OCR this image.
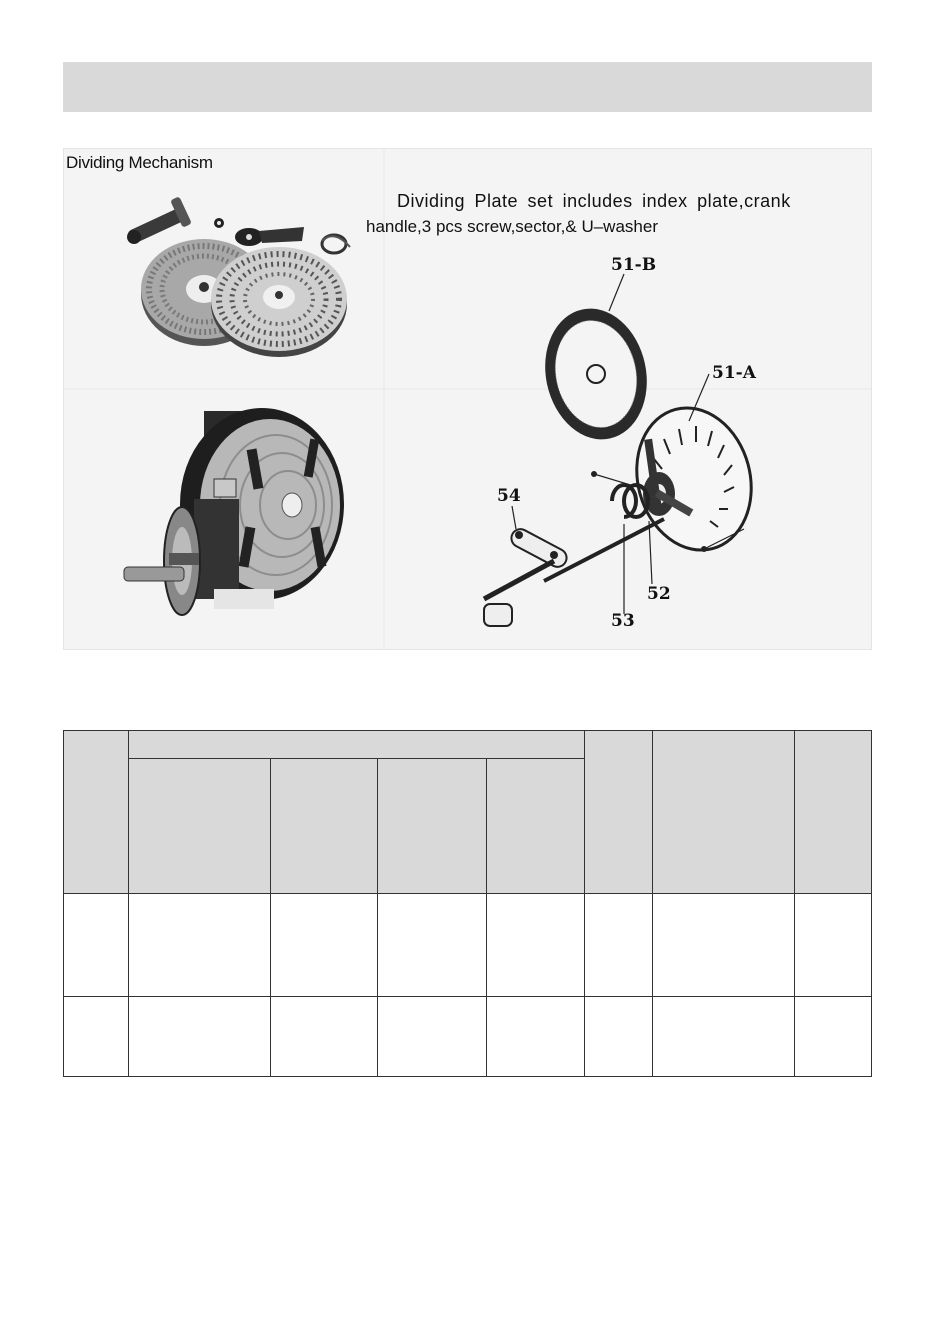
Dividing Mechanism
Dividing Plate set includes index plate,crank
handle,3 pcs screw,sector,& U–washer
51-B
51-A
54
52
53
